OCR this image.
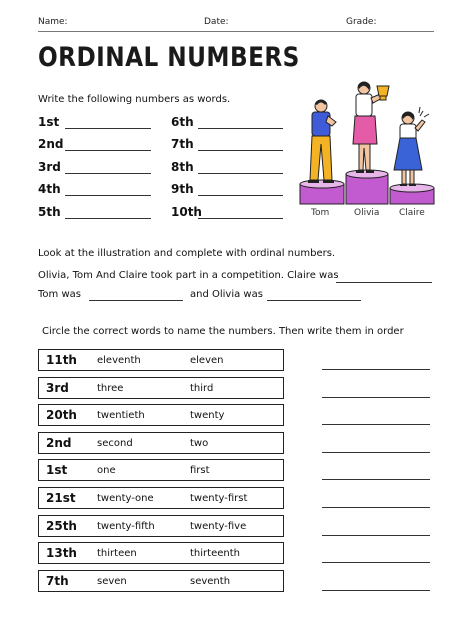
Name:	Date:	Grade:
ORDINAL NUMBERS
Write the following numbers as words.
1st	6th
2nd	7th
3rd	8th
4th	9th
5th	10th	Tom	Olivia Claire
Look at the illustration and complete with ordinal numbers.
Olivia, Tom And Claire took part in a competition. Claire was
Tom was	and Olivia was
Circle the correct words to name the numbers. Then write them in order
11th eleventh	eleven
3rd	three	third
20th twentieth	twenty
2nd	second	two
1st	one	first
21st twenty-one	twenty-first
25th twenty-fifth	twenty-five
13th thirteen	thirteenth
7th	seven	seventh
